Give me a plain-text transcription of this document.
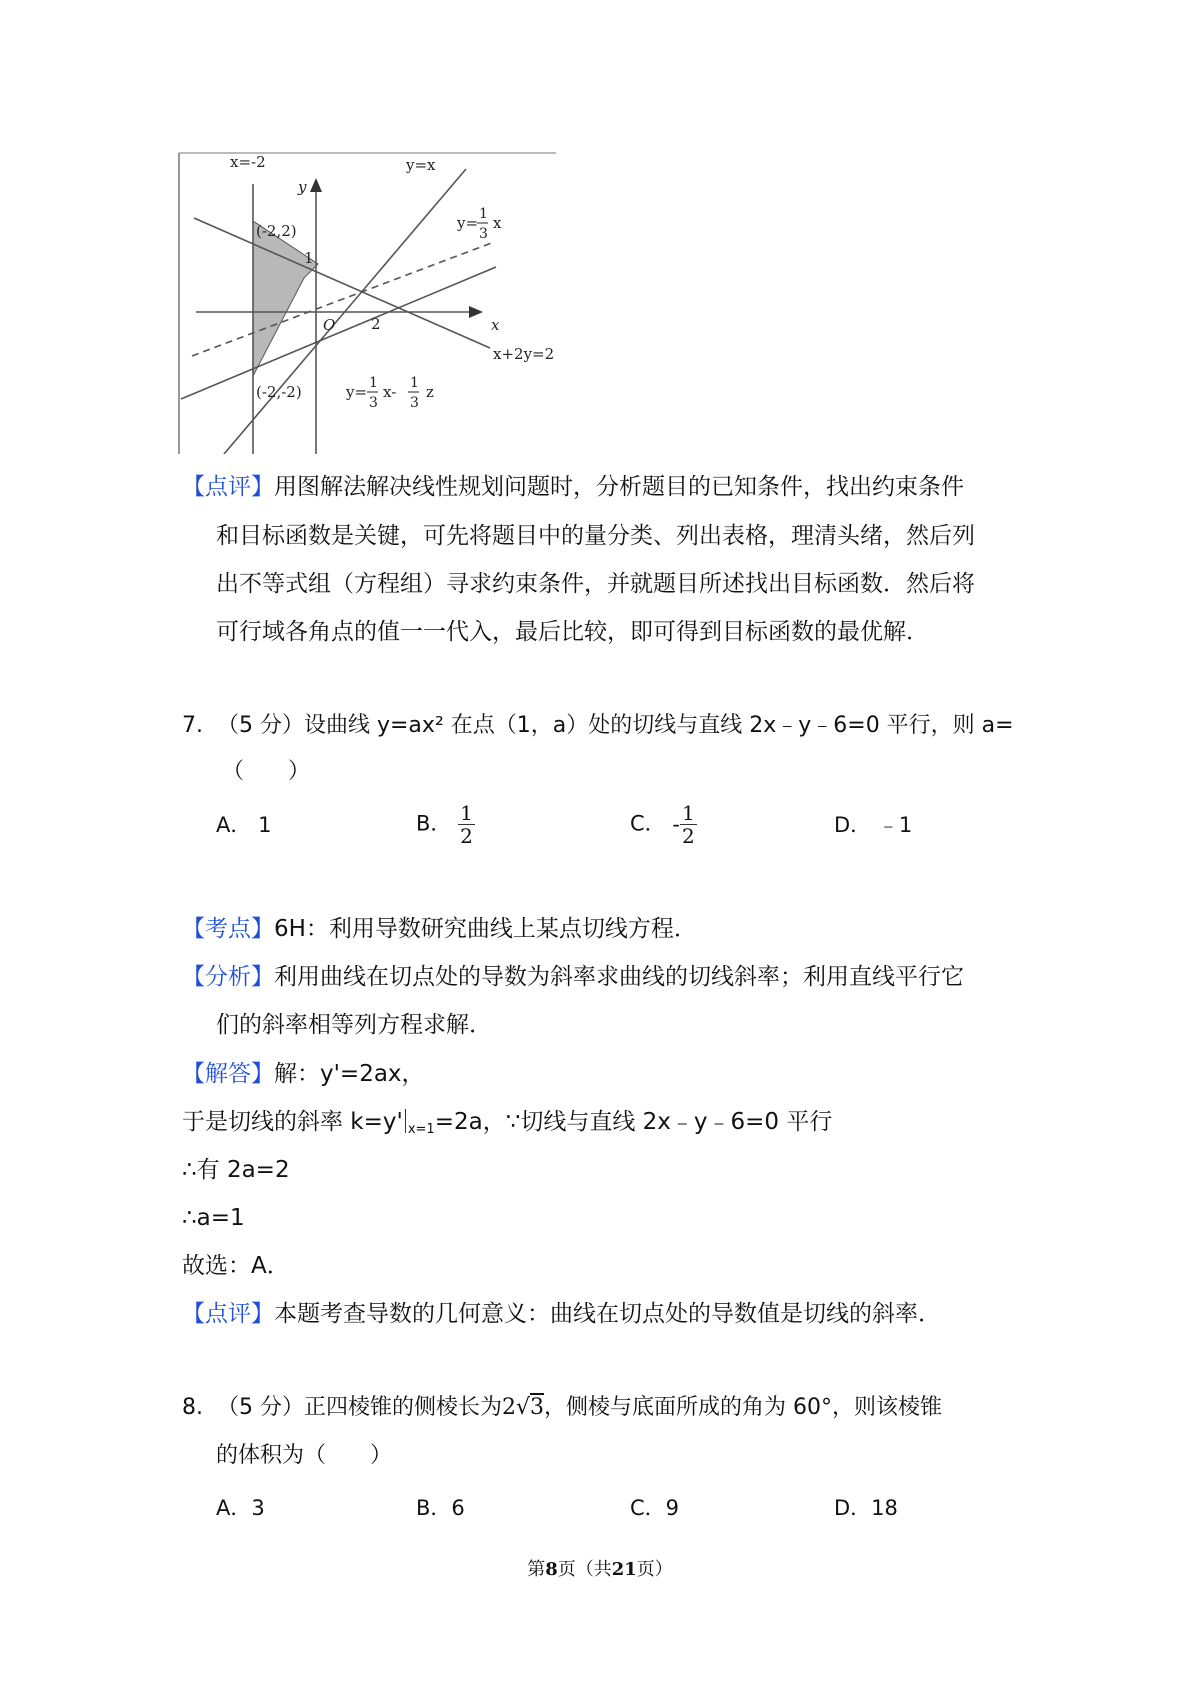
x=-2	y=x
y
(-2,2)
1
O 2	x
x+2y=2
(-2,-2)
y= 1
3
x
y= 1
3
x- 1
3
z
【点评】用图解法解决线性规划问题时，分析题目的已知条件，找出约束条件
和目标函数是关键，可先将题目中的量分类、列出表格，理清头绪，然后列
出不等式组（方程组）寻求约束条件，并就题目所述找出目标函数．然后将
可行域各角点的值一一代入，最后比较，即可得到目标函数的最优解．
7. （5 分）设曲线 y=ax² 在点（1，a）处的切线与直线 2x﹣y﹣6=0 平行，则 a=
（　　）
A． 1	B． $\frac{1}{2}$	C． - $\frac{1}{2}$	D． ﹣1
【考点】6H：利用导数研究曲线上某点切线方程．
【分析】利用曲线在切点处的导数为斜率求曲线的切线斜率；利用直线平行它
们的斜率相等列方程求解．
【解答】解：y'=2ax，
于是切线的斜率 k=y' $_{x=1}$=2a，∵切线与直线 2x﹣y﹣6=0 平行
∴有 2a=2
∴a=1
故选：A．
【点评】本题考查导数的几何意义：曲线在切点处的导数值是切线的斜率．
8. （5 分）正四棱锥的侧棱长为2√3，侧棱与底面所成的角为 60°，则该棱锥
的体积为（　　）
A．3	B．6	C．9	D．18
第8页（共21页）
